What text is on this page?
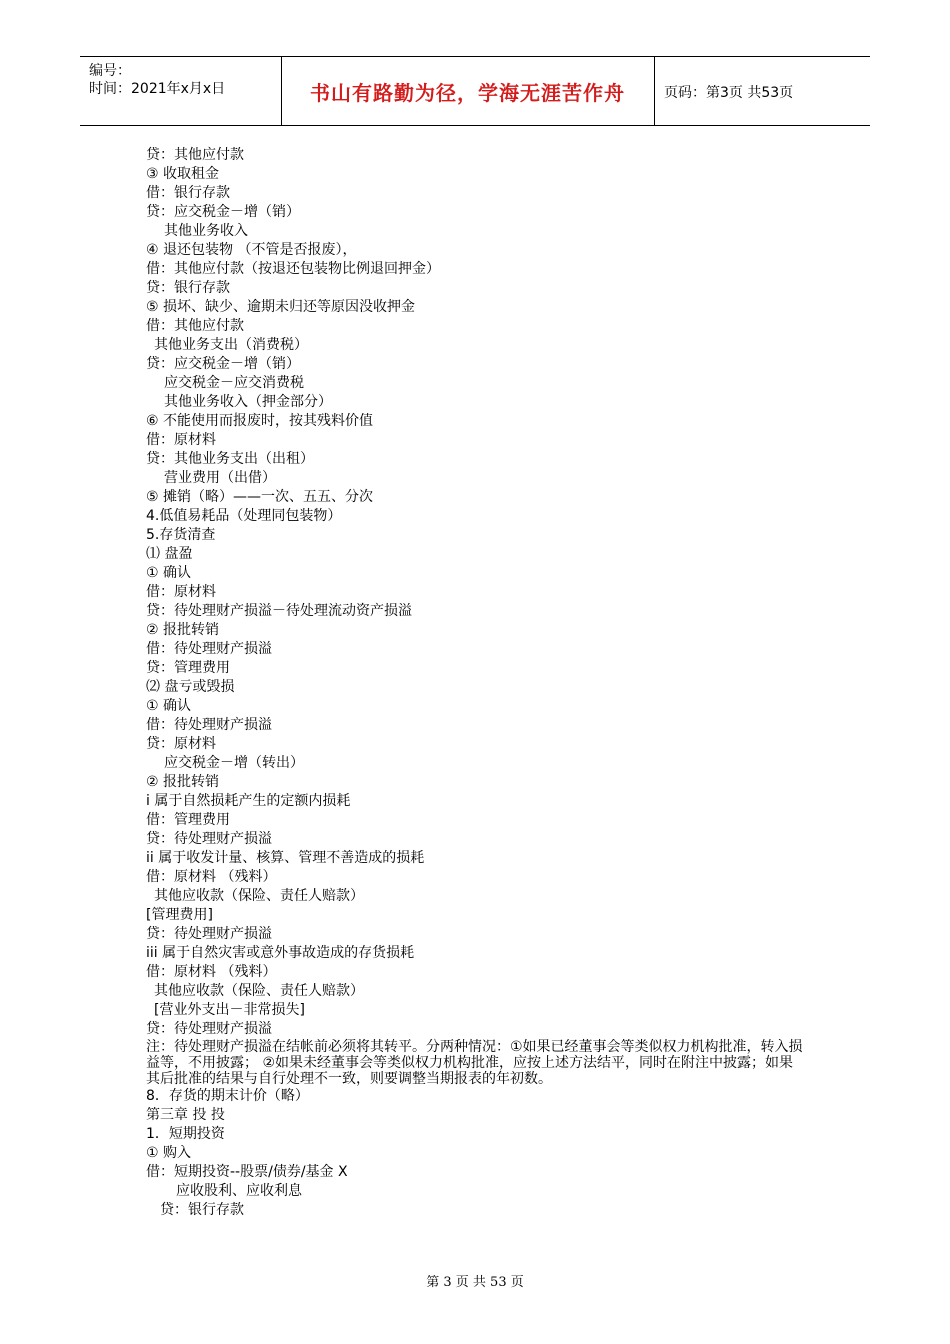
编号：
时间：2021年x月x日	书山有路勤为径，学海无涯苦作舟	页码：第3页 共53页
贷：其他应付款
③ 收取租金
借：银行存款
贷：应交税金－增（销）
其他业务收入
④ 退还包装物 （不管是否报废），
借：其他应付款（按退还包装物比例退回押金）
贷：银行存款
⑤ 损坏、缺少、逾期未归还等原因没收押金
借：其他应付款
其他业务支出（消费税）
贷：应交税金－增（销）
应交税金－应交消费税
其他业务收入（押金部分）
⑥ 不能使用而报废时，按其残料价值
借：原材料
贷：其他业务支出（出租）
营业费用（出借）
⑤ 摊销（略）——一次、五五、分次
4.低值易耗品（处理同包装物）
5.存货清查
⑴ 盘盈
① 确认
借：原材料
贷：待处理财产损溢－待处理流动资产损溢
② 报批转销
借：待处理财产损溢
贷：管理费用
⑵ 盘亏或毁损
① 确认
借：待处理财产损溢
贷：原材料
应交税金－增（转出）
② 报批转销
i 属于自然损耗产生的定额内损耗
借：管理费用
贷：待处理财产损溢
ii 属于收发计量、核算、管理不善造成的损耗
借：原材料 （残料）
其他应收款（保险、责任人赔款）
[管理费用]
贷：待处理财产损溢
iii 属于自然灾害或意外事故造成的存货损耗
借：原材料 （残料）
其他应收款（保险、责任人赔款）
[营业外支出－非常损失]
贷：待处理财产损溢
注：待处理财产损溢在结帐前必须将其转平。分两种情况：①如果已经董事会等类似权力机构批准，转入损益等，不用披露； ②如果未经董事会等类似权力机构批准，应按上述方法结平，同时在附注中披露；如果其后批准的结果与自行处理不一致，则要调整当期报表的年初数。
8．存货的期末计价（略）
第三章 投 投
1．短期投资
① 购入
借：短期投资--股票/债券/基金 X
应收股利、应收利息
贷：银行存款
第 3 页 共 53 页
